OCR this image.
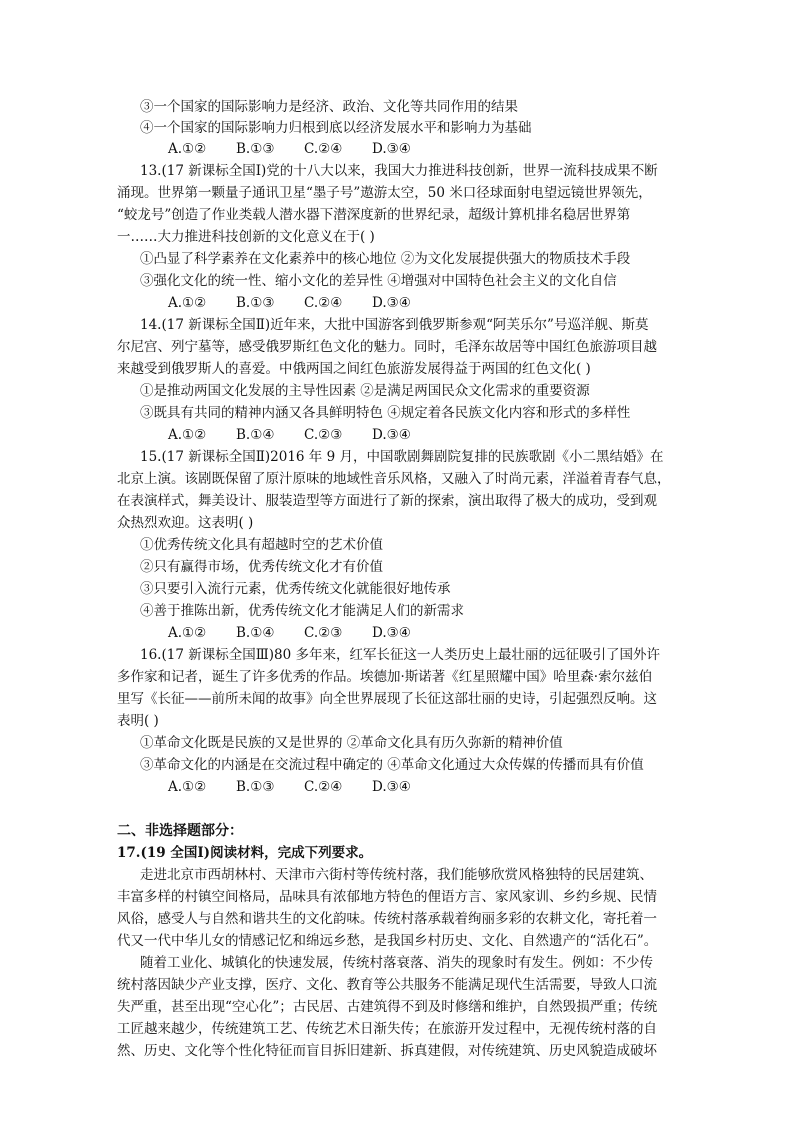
③一个国家的国际影响力是经济、政治、文化等共同作用的结果
④一个国家的国际影响力归根到底以经济发展水平和影响力为基础
A.①② B.①③ C.②④ D.③④
13.(17 新课标全国Ⅰ)党的十八大以来，我国大力推进科技创新，世界一流科技成果不断
涌现。世界第一颗量子通讯卫星“墨子号”遨游太空，50 米口径球面射电望远镜世界领先，
“蛟龙号”创造了作业类载人潜水器下潜深度新的世界纪录，超级计算机排名稳居世界第
一……大力推进科技创新的文化意义在于( )
①凸显了科学素养在文化素养中的核心地位 ②为文化发展提供强大的物质技术手段
③强化文化的统一性、缩小文化的差异性 ④增强对中国特色社会主义的文化自信
A.①② B.①③ C.②④ D.③④
14.(17 新课标全国Ⅱ)近年来，大批中国游客到俄罗斯参观“阿芙乐尔”号巡洋舰、斯莫
尔尼宫、列宁墓等，感受俄罗斯红色文化的魅力。同时，毛泽东故居等中国红色旅游项目越
来越受到俄罗斯人的喜爱。中俄两国之间红色旅游发展得益于两国的红色文化( )
①是推动两国文化发展的主导性因素 ②是满足两国民众文化需求的重要资源
③既具有共同的精神内涵又各具鲜明特色 ④规定着各民族文化内容和形式的多样性
A.①② B.①④ C.②③ D.③④
15.(17 新课标全国Ⅱ)2016 年 9 月，中国歌剧舞剧院复排的民族歌剧《小二黑结婚》在
北京上演。该剧既保留了原汁原味的地域性音乐风格，又融入了时尚元素，洋溢着青春气息，
在表演样式，舞美设计、服装造型等方面进行了新的探索，演出取得了极大的成功，受到观
众热烈欢迎。这表明( )
①优秀传统文化具有超越时空的艺术价值
②只有赢得市场，优秀传统文化才有价值
③只要引入流行元素，优秀传统文化就能很好地传承
④善于推陈出新，优秀传统文化才能满足人们的新需求
A.①② B.①④ C.②③ D.③④
16.(17 新课标全国Ⅲ)80 多年来，红军长征这一人类历史上最壮丽的远征吸引了国外许
多作家和记者，诞生了许多优秀的作品。埃德加·斯诺著《红星照耀中国》哈里森·索尔兹伯
里写《长征——前所未闻的故事》向全世界展现了长征这部壮丽的史诗，引起强烈反响。这
表明( )
①革命文化既是民族的又是世界的 ②革命文化具有历久弥新的精神价值
③革命文化的内涵是在交流过程中确定的 ④革命文化通过大众传媒的传播而具有价值
A.①② B.①③ C.②④ D.③④
二、非选择题部分：
17.(19 全国Ⅰ)阅读材料，完成下列要求。
走进北京市西胡林村、天津市六街村等传统村落，我们能够欣赏风格独特的民居建筑、
丰富多样的村镇空间格局，品味具有浓郁地方特色的俚语方言、家风家训、乡约乡规、民情
风俗，感受人与自然和谐共生的文化韵味。传统村落承载着绚丽多彩的农耕文化，寄托着一
代又一代中华儿女的情感记忆和绵远乡愁，是我国乡村历史、文化、自然遗产的“活化石”。
随着工业化、城镇化的快速发展，传统村落衰落、消失的现象时有发生。例如：不少传
统村落因缺少产业支撑，医疗、文化、教育等公共服务不能满足现代生活需要，导致人口流
失严重，甚至出现“空心化”；古民居、古建筑得不到及时修缮和维护，自然毁损严重；传统
工匠越来越少，传统建筑工艺、传统艺术日渐失传；在旅游开发过程中，无视传统村落的自
然、历史、文化等个性化特征而盲目拆旧建新、拆真建假，对传统建筑、历史风貌造成破坏
